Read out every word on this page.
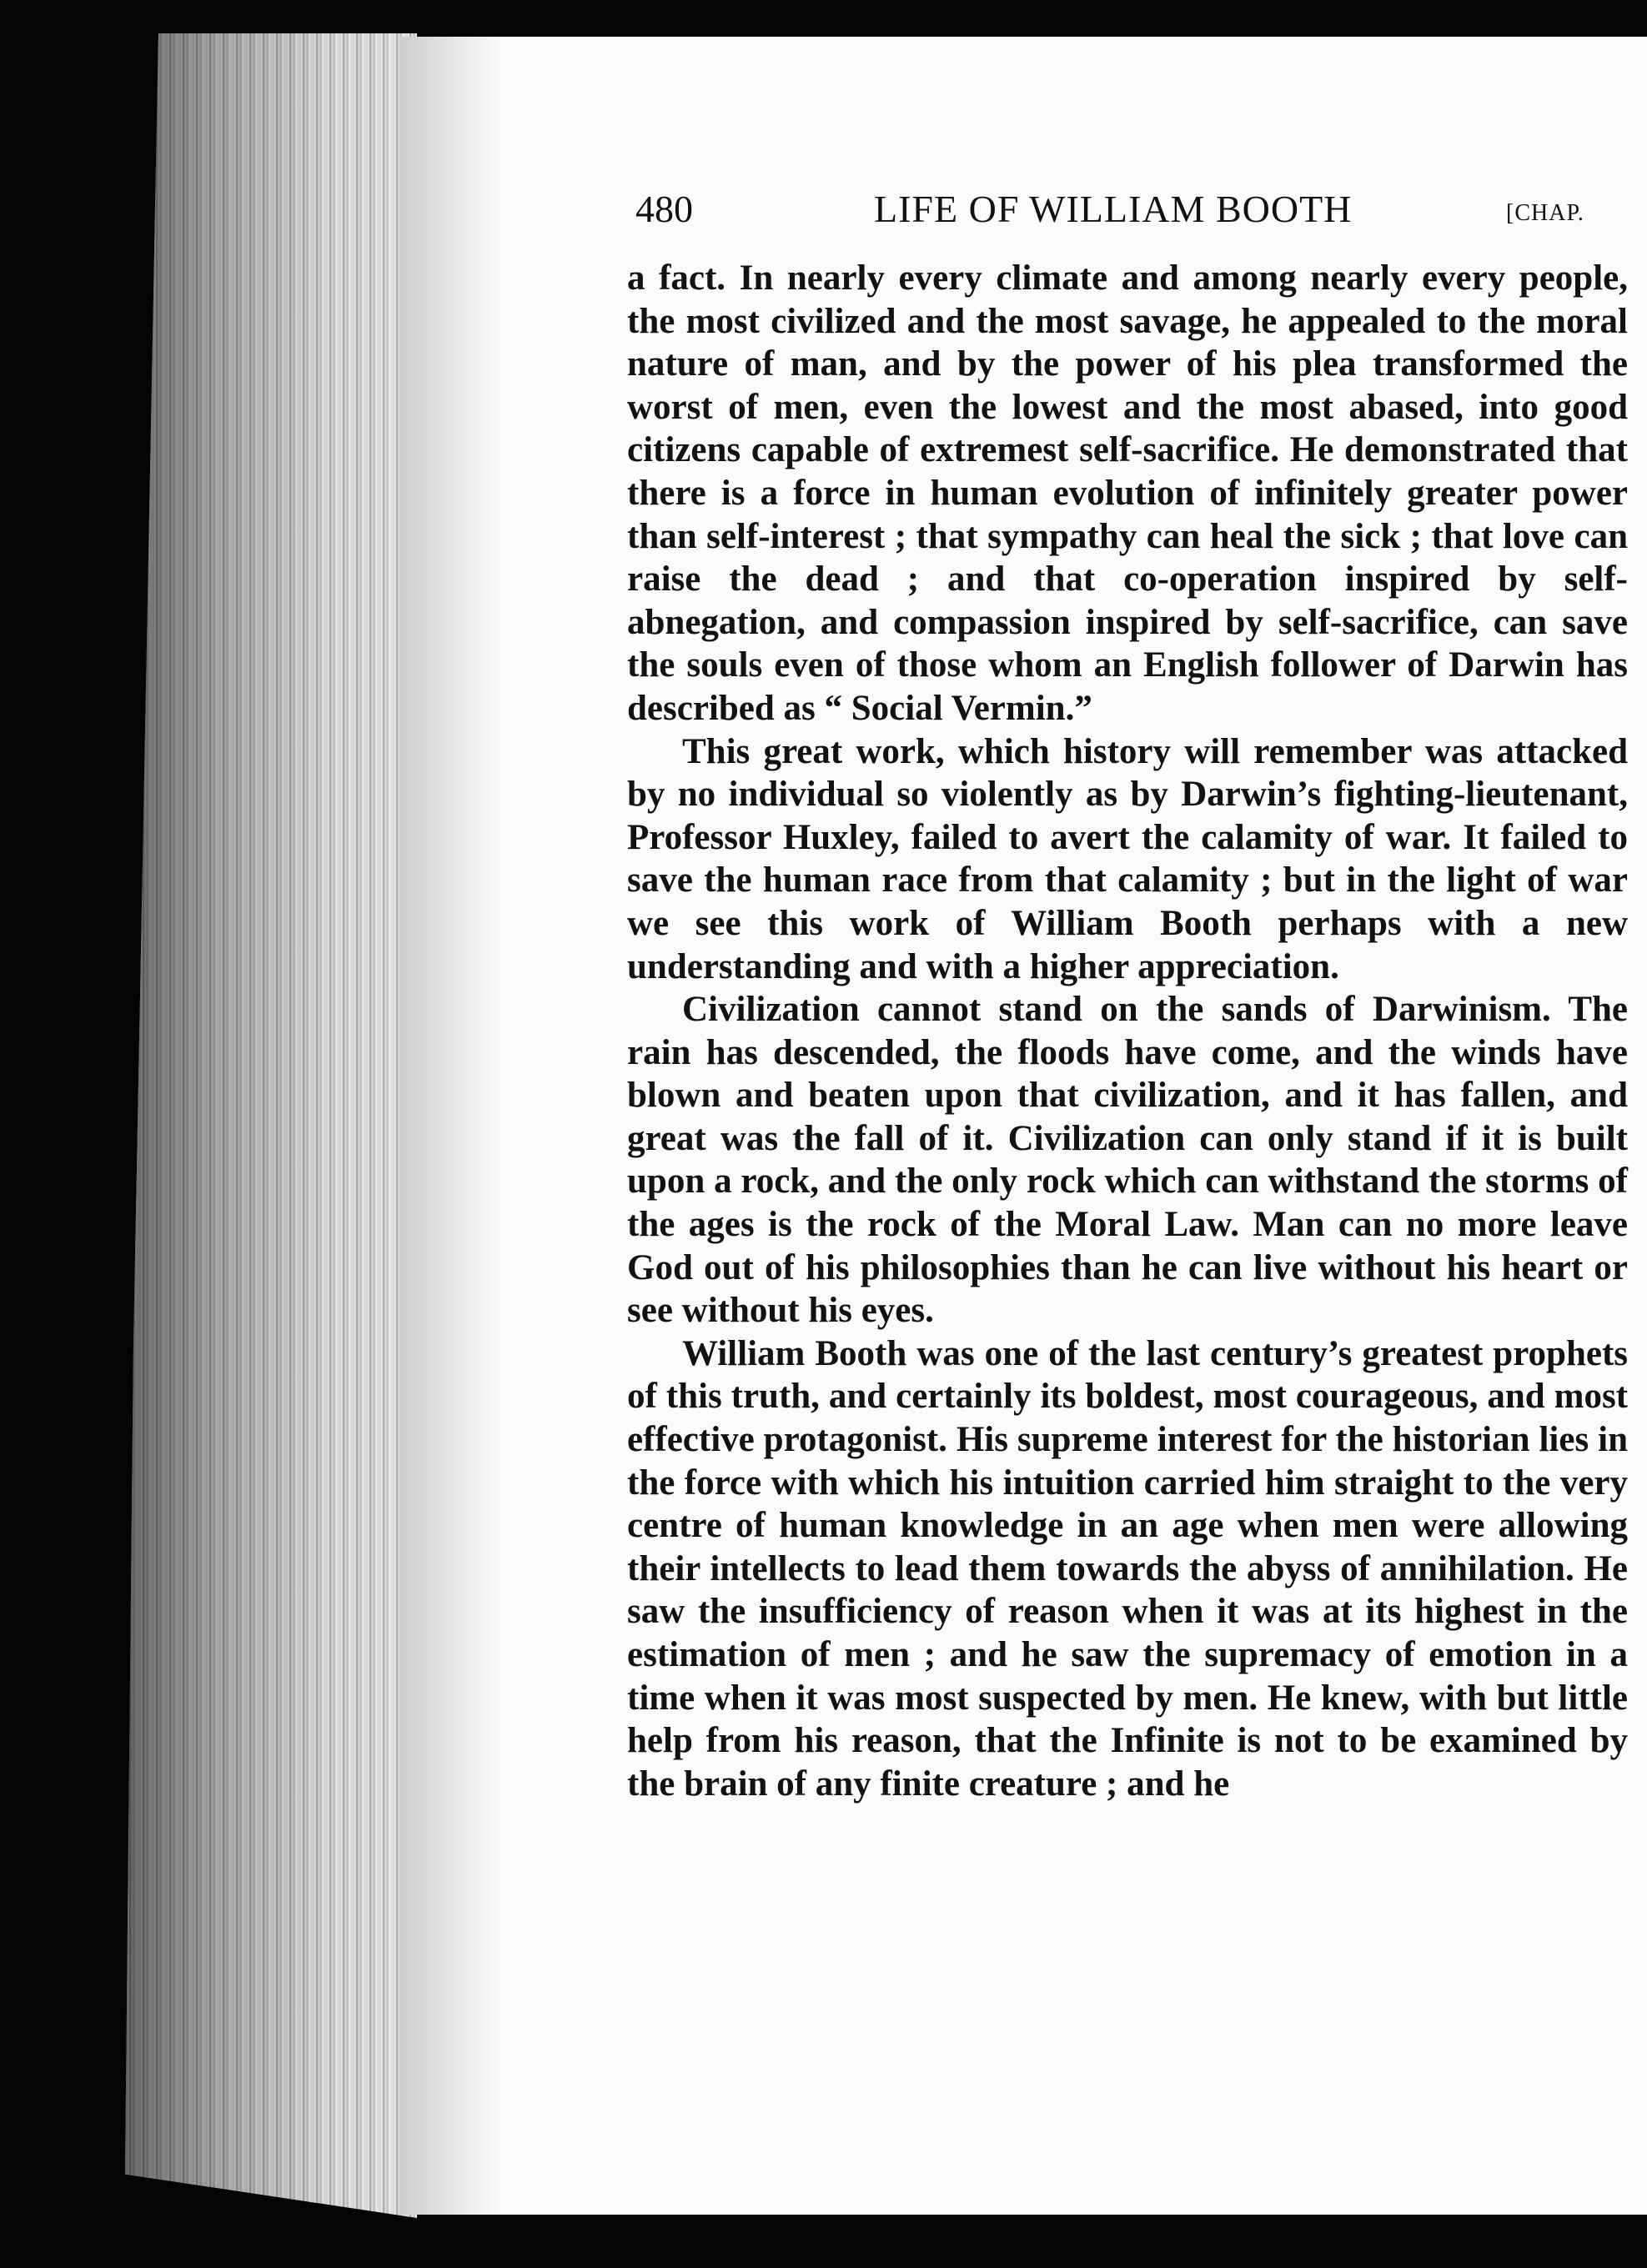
480	LIFE OF WILLIAM BOOTH	[CHAP.

a fact. In nearly every climate and among nearly every people, the most civilized and the most savage, he appealed to the moral nature of man, and by the power of his plea transformed the worst of men, even the lowest and the most abased, into good citizens capable of extremest self-sacrifice. He demonstrated that there is a force in human evolution of infinitely greater power than self-interest ; that sympathy can heal the sick ; that love can raise the dead ; and that co-operation inspired by self-abnegation, and compassion inspired by self-sacrifice, can save the souls even of those whom an English follower of Darwin has described as “ Social Vermin.”

This great work, which history will remember was attacked by no individual so violently as by Darwin’s fighting-lieutenant, Professor Huxley, failed to avert the calamity of war. It failed to save the human race from that calamity ; but in the light of war we see this work of William Booth perhaps with a new understanding and with a higher appreciation.

Civilization cannot stand on the sands of Darwinism. The rain has descended, the floods have come, and the winds have blown and beaten upon that civilization, and it has fallen, and great was the fall of it. Civilization can only stand if it is built upon a rock, and the only rock which can withstand the storms of the ages is the rock of the Moral Law. Man can no more leave God out of his philosophies than he can live without his heart or see without his eyes.

William Booth was one of the last century’s greatest prophets of this truth, and certainly its boldest, most courageous, and most effective protagonist. His supreme interest for the historian lies in the force with which his intuition carried him straight to the very centre of human knowledge in an age when men were allowing their intellects to lead them towards the abyss of annihilation. He saw the insufficiency of reason when it was at its highest in the estimation of men ; and he saw the supremacy of emotion in a time when it was most suspected by men. He knew, with but little help from his reason, that the Infinite is not to be examined by the brain of any finite creature ; and he
